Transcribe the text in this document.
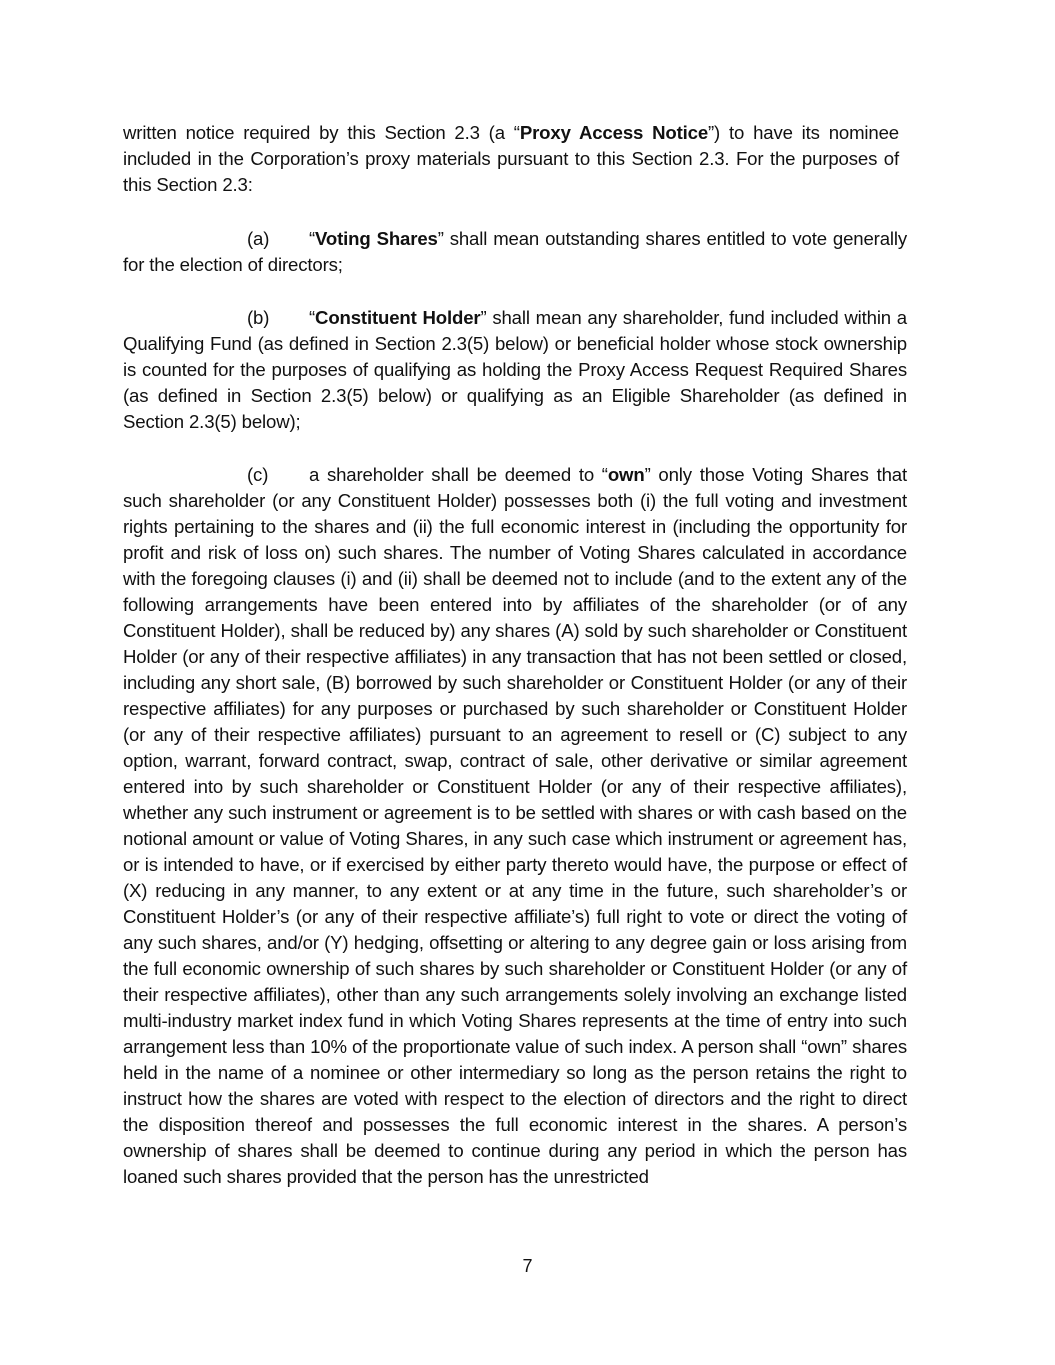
written notice required by this Section 2.3 (a “Proxy Access Notice”) to have its nominee included in the Corporation’s proxy materials pursuant to this Section 2.3. For the purposes of this Section 2.3:
(a) “Voting Shares” shall mean outstanding shares entitled to vote generally for the election of directors;
(b) “Constituent Holder” shall mean any shareholder, fund included within a Qualifying Fund (as defined in Section 2.3(5) below) or beneficial holder whose stock ownership is counted for the purposes of qualifying as holding the Proxy Access Request Required Shares (as defined in Section 2.3(5) below) or qualifying as an Eligible Shareholder (as defined in Section 2.3(5) below);
(c) a shareholder shall be deemed to “own” only those Voting Shares that such shareholder (or any Constituent Holder) possesses both (i) the full voting and investment rights pertaining to the shares and (ii) the full economic interest in (including the opportunity for profit and risk of loss on) such shares. The number of Voting Shares calculated in accordance with the foregoing clauses (i) and (ii) shall be deemed not to include (and to the extent any of the following arrangements have been entered into by affiliates of the shareholder (or of any Constituent Holder), shall be reduced by) any shares (A) sold by such shareholder or Constituent Holder (or any of their respective affiliates) in any transaction that has not been settled or closed, including any short sale, (B) borrowed by such shareholder or Constituent Holder (or any of their respective affiliates) for any purposes or purchased by such shareholder or Constituent Holder (or any of their respective affiliates) pursuant to an agreement to resell or (C) subject to any option, warrant, forward contract, swap, contract of sale, other derivative or similar agreement entered into by such shareholder or Constituent Holder (or any of their respective affiliates), whether any such instrument or agreement is to be settled with shares or with cash based on the notional amount or value of Voting Shares, in any such case which instrument or agreement has, or is intended to have, or if exercised by either party thereto would have, the purpose or effect of (X) reducing in any manner, to any extent or at any time in the future, such shareholder’s or Constituent Holder’s (or any of their respective affiliate’s) full right to vote or direct the voting of any such shares, and/or (Y) hedging, offsetting or altering to any degree gain or loss arising from the full economic ownership of such shares by such shareholder or Constituent Holder (or any of their respective affiliates), other than any such arrangements solely involving an exchange listed multi-industry market index fund in which Voting Shares represents at the time of entry into such arrangement less than 10% of the proportionate value of such index. A person shall “own” shares held in the name of a nominee or other intermediary so long as the person retains the right to instruct how the shares are voted with respect to the election of directors and the right to direct the disposition thereof and possesses the full economic interest in the shares. A person’s ownership of shares shall be deemed to continue during any period in which the person has loaned such shares provided that the person has the unrestricted
7
